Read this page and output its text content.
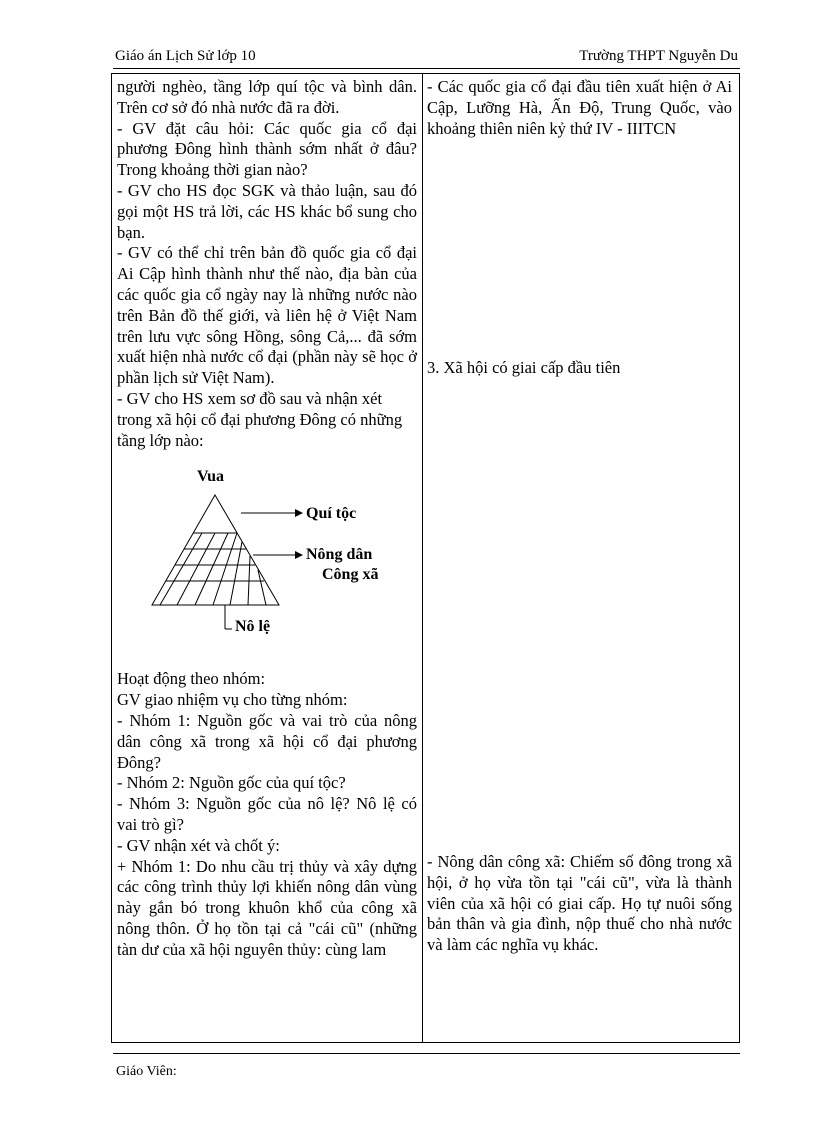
Giáo án Lịch Sử lớp 10	Trường THPT Nguyễn Du

người nghèo, tầng lớp quí tộc và bình dân. Trên cơ sở đó nhà nước đã ra đời.

- GV đặt câu hỏi: Các quốc gia cổ đại phương Đông hình thành sớm nhất ở đâu? Trong khoảng thời gian nào?

- GV cho HS đọc SGK và thảo luận, sau đó gọi một HS trả lời, các HS khác bổ sung cho bạn.

- GV có thể chỉ trên bản đồ quốc gia cổ đại Ai Cập hình thành như thế nào, địa bàn của các quốc gia cổ ngày nay là những nước nào trên Bản đồ thế giới, và liên hệ ở Việt Nam trên lưu vực sông Hồng, sông Cả,... đã sớm xuất hiện nhà nước cổ đại (phần này sẽ học ở phần lịch sử Việt Nam).

- GV cho HS xem sơ đồ sau và nhận xét trong xã hội cổ đại phương Đông có những tầng lớp nào:

Vua
Quí tộc
Nông dân
Công xã
Nô lệ

Hoạt động theo nhóm:

GV giao nhiệm vụ cho từng nhóm:

- Nhóm 1: Nguồn gốc và vai trò của nông dân công xã trong xã hội cổ đại phương Đông?

- Nhóm 2: Nguồn gốc của quí tộc?

- Nhóm 3: Nguồn gốc của nô lệ? Nô lệ có vai trò gì?

- GV nhận xét và chốt ý:

+ Nhóm 1: Do nhu cầu trị thủy và xây dựng các công trình thủy lợi khiến nông dân vùng này gắn bó trong khuôn khổ của công xã nông thôn. Ở họ tồn tại cả "cái cũ" (những tàn dư của xã hội nguyên thủy: cùng lam

- Các quốc gia cổ đại đầu tiên xuất hiện ở Ai Cập, Lưỡng Hà, Ấn Độ, Trung Quốc, vào khoảng thiên niên kỷ thứ IV - IIITCN

3. Xã hội có giai cấp đầu tiên

- Nông dân công xã: Chiếm số đông trong xã hội, ở họ vừa tồn tại "cái cũ", vừa là thành viên của xã hội có giai cấp. Họ tự nuôi sống bản thân và gia đình, nộp thuế cho nhà nước và làm các nghĩa vụ khác.

Giáo Viên:
